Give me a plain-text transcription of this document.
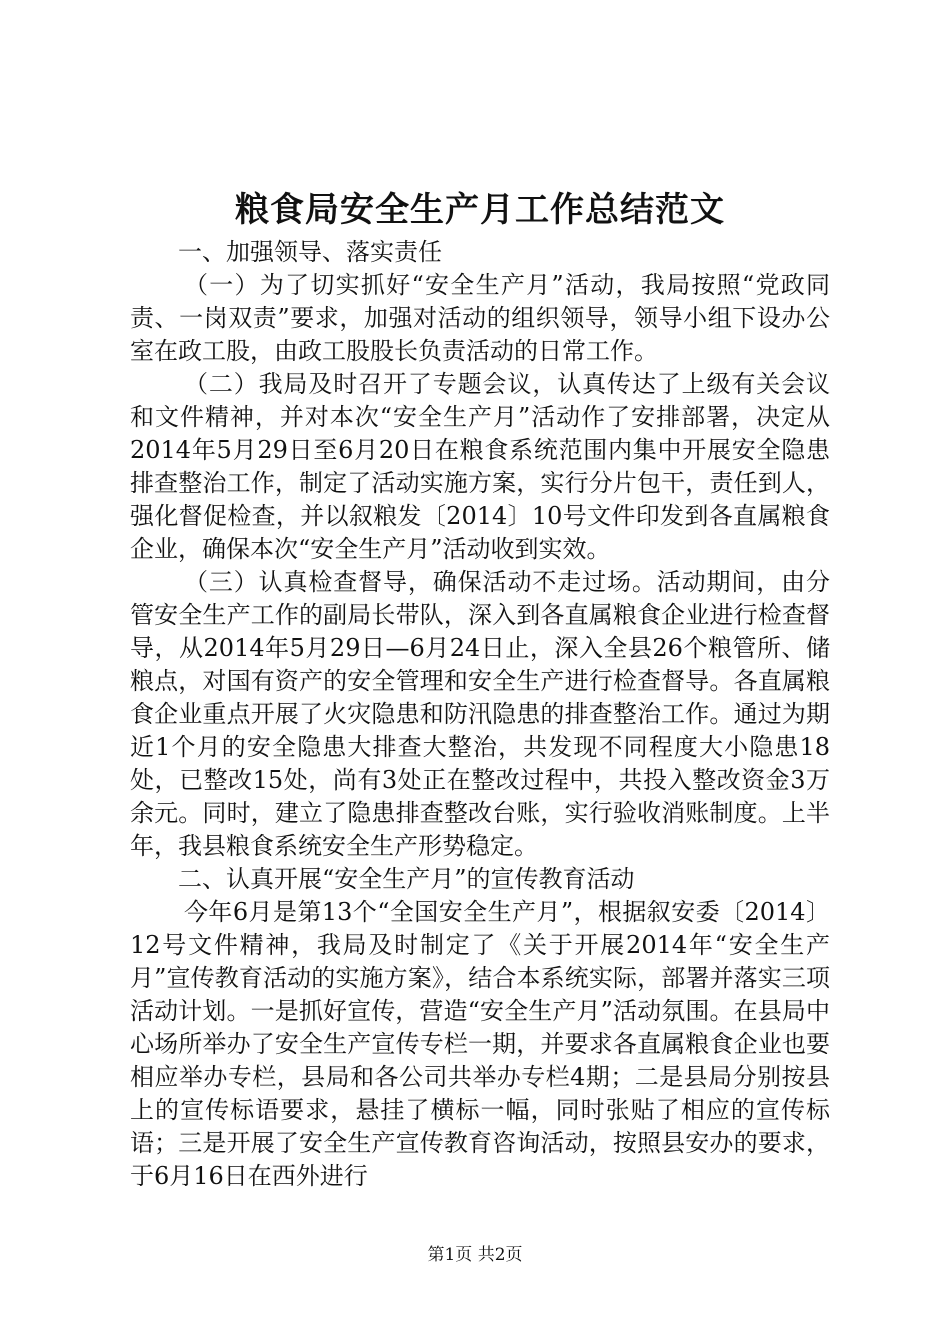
粮食局安全生产月工作总结范文

一、加强领导、落实责任

（一）为了切实抓好“安全生产月”活动，我局按照“党政同责、一岗双责”要求，加强对活动的组织领导，领导小组下设办公室在政工股，由政工股股长负责活动的日常工作。

（二）我局及时召开了专题会议，认真传达了上级有关会议和文件精神，并对本次“安全生产月”活动作了安排部署，决定从2014年5月29日至6月20日在粮食系统范围内集中开展安全隐患排查整治工作，制定了活动实施方案，实行分片包干，责任到人，强化督促检查，并以叙粮发〔2014〕10号文件印发到各直属粮食企业，确保本次“安全生产月”活动收到实效。

（三）认真检查督导，确保活动不走过场。活动期间，由分管安全生产工作的副局长带队，深入到各直属粮食企业进行检查督导，从2014年5月29日—6月24日止，深入全县26个粮管所、储粮点，对国有资产的安全管理和安全生产进行检查督导。各直属粮食企业重点开展了火灾隐患和防汛隐患的排查整治工作。通过为期近1个月的安全隐患大排查大整治，共发现不同程度大小隐患18处，已整改15处，尚有3处正在整改过程中，共投入整改资金3万余元。同时，建立了隐患排查整改台账，实行验收消账制度。上半年，我县粮食系统安全生产形势稳定。

二、认真开展“安全生产月”的宣传教育活动

今年6月是第13个“全国安全生产月”，根据叙安委〔2014〕12号文件精神，我局及时制定了《关于开展2014年“安全生产月”宣传教育活动的实施方案》，结合本系统实际，部署并落实三项活动计划。一是抓好宣传，营造“安全生产月”活动氛围。在县局中心场所举办了安全生产宣传专栏一期，并要求各直属粮食企业也要相应举办专栏，县局和各公司共举办专栏4期；二是县局分别按县上的宣传标语要求，悬挂了横标一幅，同时张贴了相应的宣传标语；三是开展了安全生产宣传教育咨询活动，按照县安办的要求，于6月16日在西外进行

第1页 共2页
